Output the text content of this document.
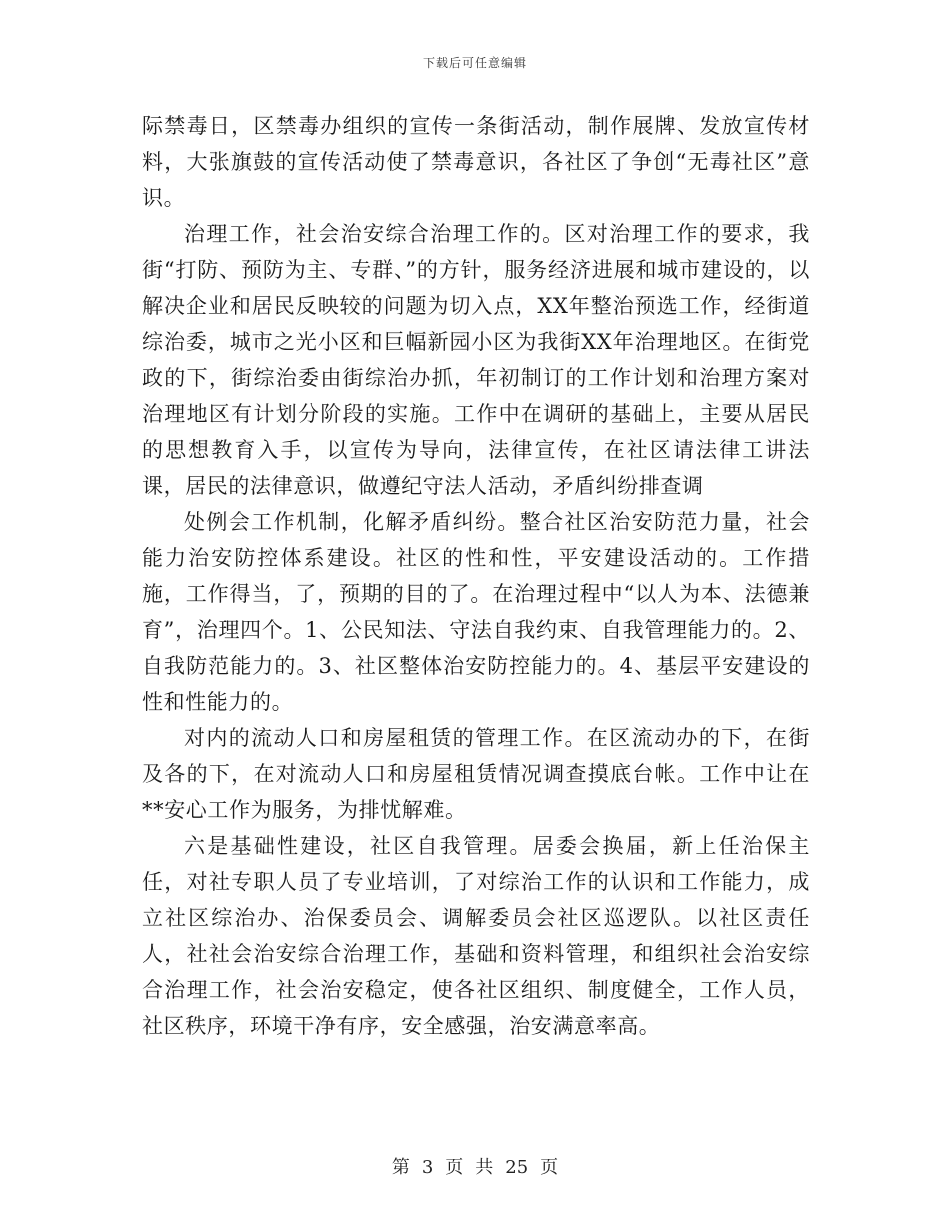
下载后可任意编辑

际禁毒日，区禁毒办组织的宣传一条街活动，制作展牌、发放宣传材料，大张旗鼓的宣传活动使了禁毒意识，各社区了争创“无毒社区”意识。

治理工作，社会治安综合治理工作的。区对治理工作的要求，我街“打防、预防为主、专群、”的方针，服务经济进展和城市建设的，以解决企业和居民反映较的问题为切入点，XX年整治预选工作，经街道综治委，城市之光小区和巨幅新园小区为我街XX年治理地区。在街党政的下，街综治委由街综治办抓，年初制订的工作计划和治理方案对治理地区有计划分阶段的实施。工作中在调研的基础上，主要从居民的思想教育入手，以宣传为导向，法律宣传，在社区请法律工讲法课，居民的法律意识，做遵纪守法人活动，矛盾纠纷排查调

处例会工作机制，化解矛盾纠纷。整合社区治安防范力量，社会能力治安防控体系建设。社区的性和性，平安建设活动的。工作措施，工作得当，了，预期的目的了。在治理过程中“以人为本、法德兼育”，治理四个。1、公民知法、守法自我约束、自我管理能力的。2、自我防范能力的。3、社区整体治安防控能力的。4、基层平安建设的性和性能力的。

对内的流动人口和房屋租赁的管理工作。在区流动办的下，在街及各的下，在对流动人口和房屋租赁情况调查摸底台帐。工作中让在**安心工作为服务，为排忧解难。

六是基础性建设，社区自我管理。居委会换届，新上任治保主任，对社专职人员了专业培训，了对综治工作的认识和工作能力，成立社区综治办、治保委员会、调解委员会社区巡逻队。以社区责任人，社社会治安综合治理工作，基础和资料管理，和组织社会治安综合治理工作，社会治安稳定，使各社区组织、制度健全，工作人员，社区秩序，环境干净有序，安全感强，治安满意率高。

第 3 页 共 25 页
